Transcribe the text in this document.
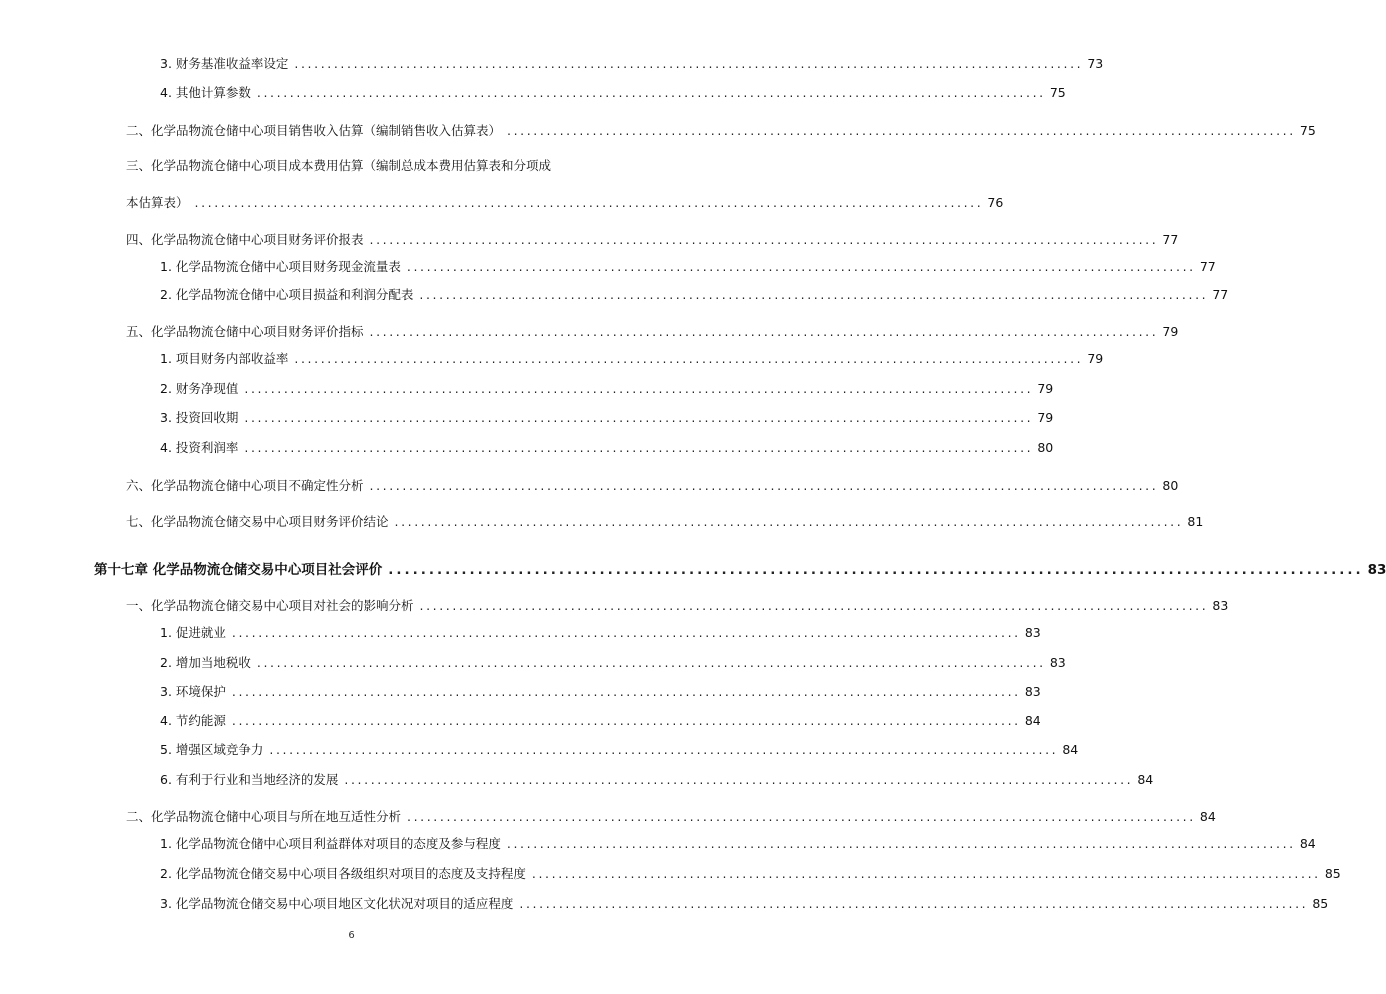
3. 财务基准收益率设定 ........................................................................................................................ 73
4. 其他计算参数 ........................................................................................................................ 75
二、化学品物流仓储中心项目销售收入估算（编制销售收入估算表） ........................................................................................................................ 75
三、化学品物流仓储中心项目成本费用估算（编制总成本费用估算表和分项成
本估算表） ........................................................................................................................ 76
四、化学品物流仓储中心项目财务评价报表 ........................................................................................................................ 77
1. 化学品物流仓储中心项目财务现金流量表 ........................................................................................................................ 77
2. 化学品物流仓储中心项目损益和利润分配表 ........................................................................................................................ 77
五、化学品物流仓储中心项目财务评价指标 ........................................................................................................................ 79
1. 项目财务内部收益率 ........................................................................................................................ 79
2. 财务净现值 ........................................................................................................................ 79
3. 投资回收期 ........................................................................................................................ 79
4. 投资利润率 ........................................................................................................................ 80
六、化学品物流仓储中心项目不确定性分析 ........................................................................................................................ 80
七、化学品物流仓储交易中心项目财务评价结论 ........................................................................................................................ 81
第十七章 化学品物流仓储交易中心项目社会评价 ........................................................................................................................ 83
一、化学品物流仓储交易中心项目对社会的影响分析 ........................................................................................................................ 83
1. 促进就业 ........................................................................................................................ 83
2. 增加当地税收 ........................................................................................................................ 83
3. 环境保护 ........................................................................................................................ 83
4. 节约能源 ........................................................................................................................ 84
5. 增强区域竞争力 ........................................................................................................................ 84
6. 有利于行业和当地经济的发展 ........................................................................................................................ 84
二、化学品物流仓储中心项目与所在地互适性分析 ........................................................................................................................ 84
1. 化学品物流仓储中心项目利益群体对项目的态度及参与程度 ........................................................................................................................ 84
2. 化学品物流仓储交易中心项目各级组织对项目的态度及支持程度 ........................................................................................................................ 85
3. 化学品物流仓储交易中心项目地区文化状况对项目的适应程度 ........................................................................................................................ 85
6
